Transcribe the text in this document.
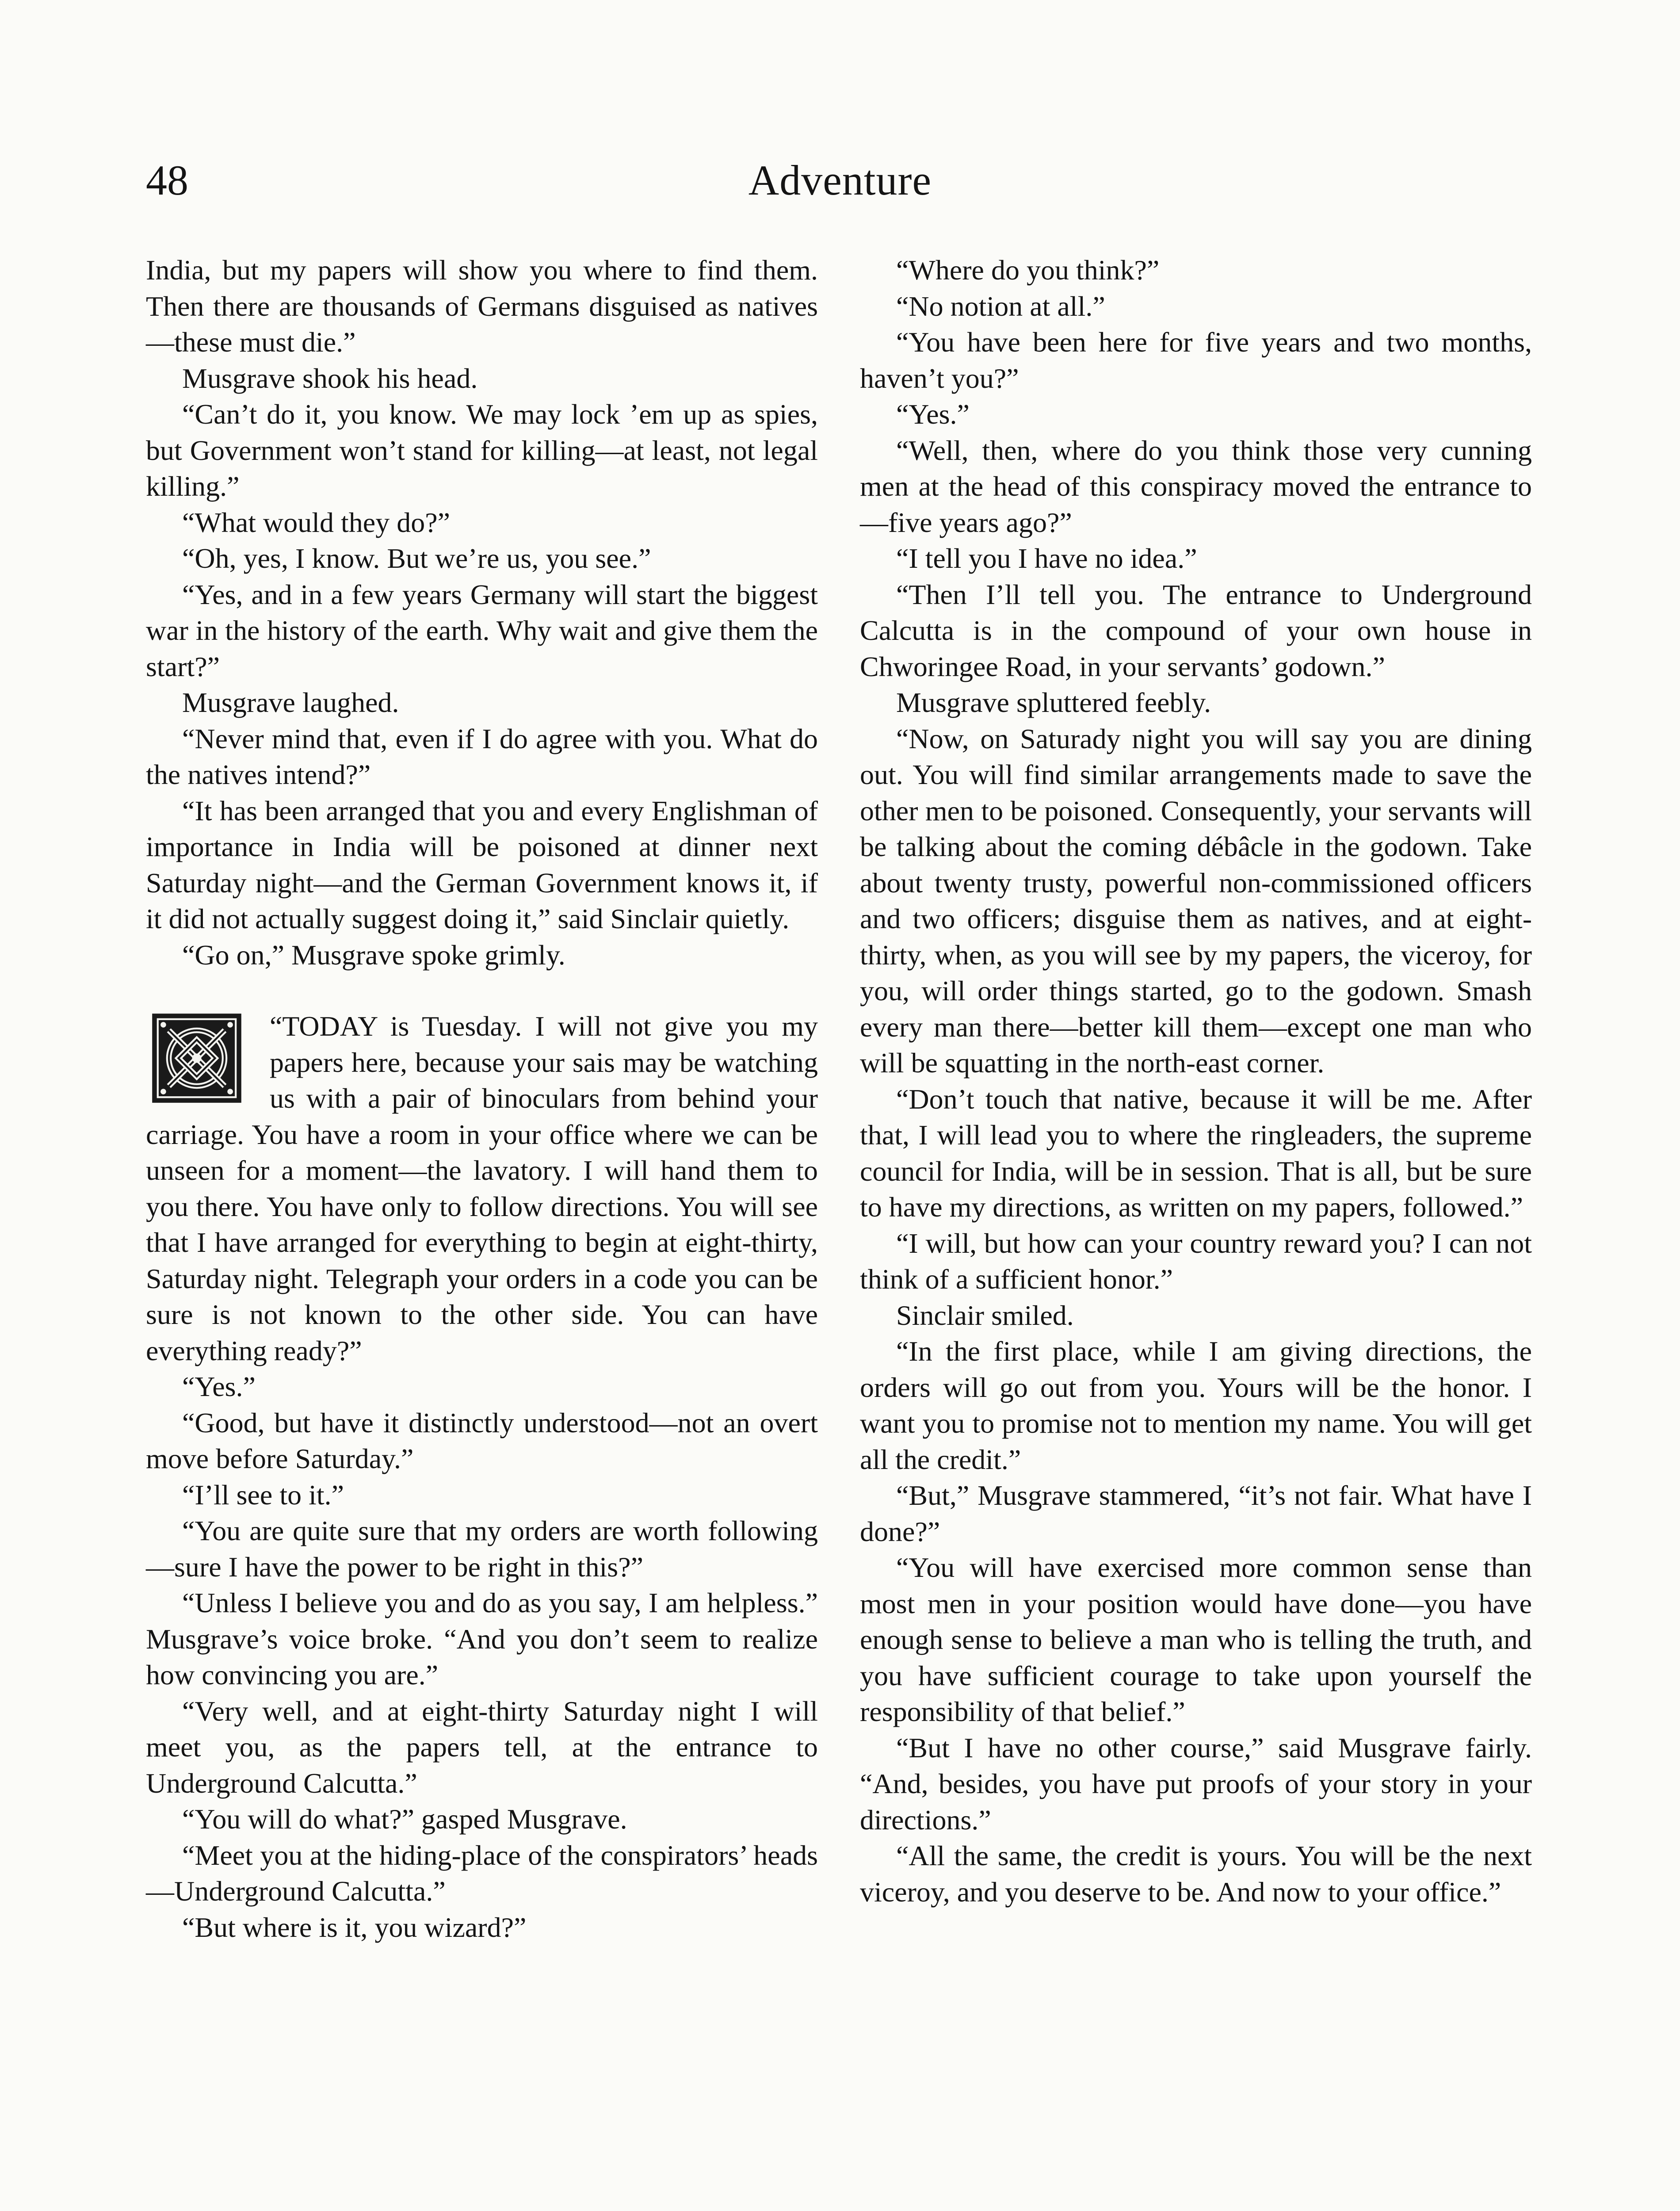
48	Adventure

India, but my papers will show you where to find them. Then there are thousands of Germans disguised as natives—these must die.”

Musgrave shook his head.

“Can’t do it, you know. We may lock ’em up as spies, but Government won’t stand for killing—at least, not legal killing.”

“What would they do?”

“Oh, yes, I know. But we’re us, you see.”

“Yes, and in a few years Germany will start the biggest war in the history of the earth. Why wait and give them the start?”

Musgrave laughed.

“Never mind that, even if I do agree with you. What do the natives intend?”

“It has been arranged that you and every Englishman of importance in India will be poisoned at dinner next Saturday night—and the German Government knows it, if it did not actually suggest doing it,” said Sinclair quietly.

“Go on,” Musgrave spoke grimly.

“TODAY is Tuesday. I will not give you my papers here, because your sais may be watching us with a pair of binoculars from behind your carriage. You have a room in your office where we can be unseen for a moment—the lavatory. I will hand them to you there. You have only to follow directions. You will see that I have arranged for everything to begin at eight-thirty, Saturday night. Telegraph your orders in a code you can be sure is not known to the other side. You can have everything ready?”

“Yes.”

“Good, but have it distinctly understood—not an overt move before Saturday.”

“I’ll see to it.”

“You are quite sure that my orders are worth following—sure I have the power to be right in this?”

“Unless I believe you and do as you say, I am helpless.” Musgrave’s voice broke. “And you don’t seem to realize how convincing you are.”

“Very well, and at eight-thirty Saturday night I will meet you, as the papers tell, at the entrance to Underground Calcutta.”

“You will do what?” gasped Musgrave.

“Meet you at the hiding-place of the conspirators’ heads—Underground Calcutta.”

“But where is it, you wizard?”

“Where do you think?”

“No notion at all.”

“You have been here for five years and two months, haven’t you?”

“Yes.”

“Well, then, where do you think those very cunning men at the head of this conspiracy moved the entrance to—five years ago?”

“I tell you I have no idea.”

“Then I’ll tell you. The entrance to Underground Calcutta is in the compound of your own house in Chworingee Road, in your servants’ godown.”

Musgrave spluttered feebly.

“Now, on Saturady night you will say you are dining out. You will find similar arrangements made to save the other men to be poisoned. Consequently, your servants will be talking about the coming débâcle in the godown. Take about twenty trusty, powerful non-commissioned officers and two officers; disguise them as natives, and at eight-thirty, when, as you will see by my papers, the viceroy, for you, will order things started, go to the godown. Smash every man there—better kill them—except one man who will be squatting in the north-east corner.

“Don’t touch that native, because it will be me. After that, I will lead you to where the ringleaders, the supreme council for India, will be in session. That is all, but be sure to have my directions, as written on my papers, followed.”

“I will, but how can your country reward you? I can not think of a sufficient honor.”

Sinclair smiled.

“In the first place, while I am giving directions, the orders will go out from you. Yours will be the honor. I want you to promise not to mention my name. You will get all the credit.”

“But,” Musgrave stammered, “it’s not fair. What have I done?”

“You will have exercised more common sense than most men in your position would have done—you have enough sense to believe a man who is telling the truth, and you have sufficient courage to take upon yourself the responsibility of that belief.”

“But I have no other course,” said Musgrave fairly. “And, besides, you have put proofs of your story in your directions.”

“All the same, the credit is yours. You will be the next viceroy, and you deserve to be. And now to your office.”
